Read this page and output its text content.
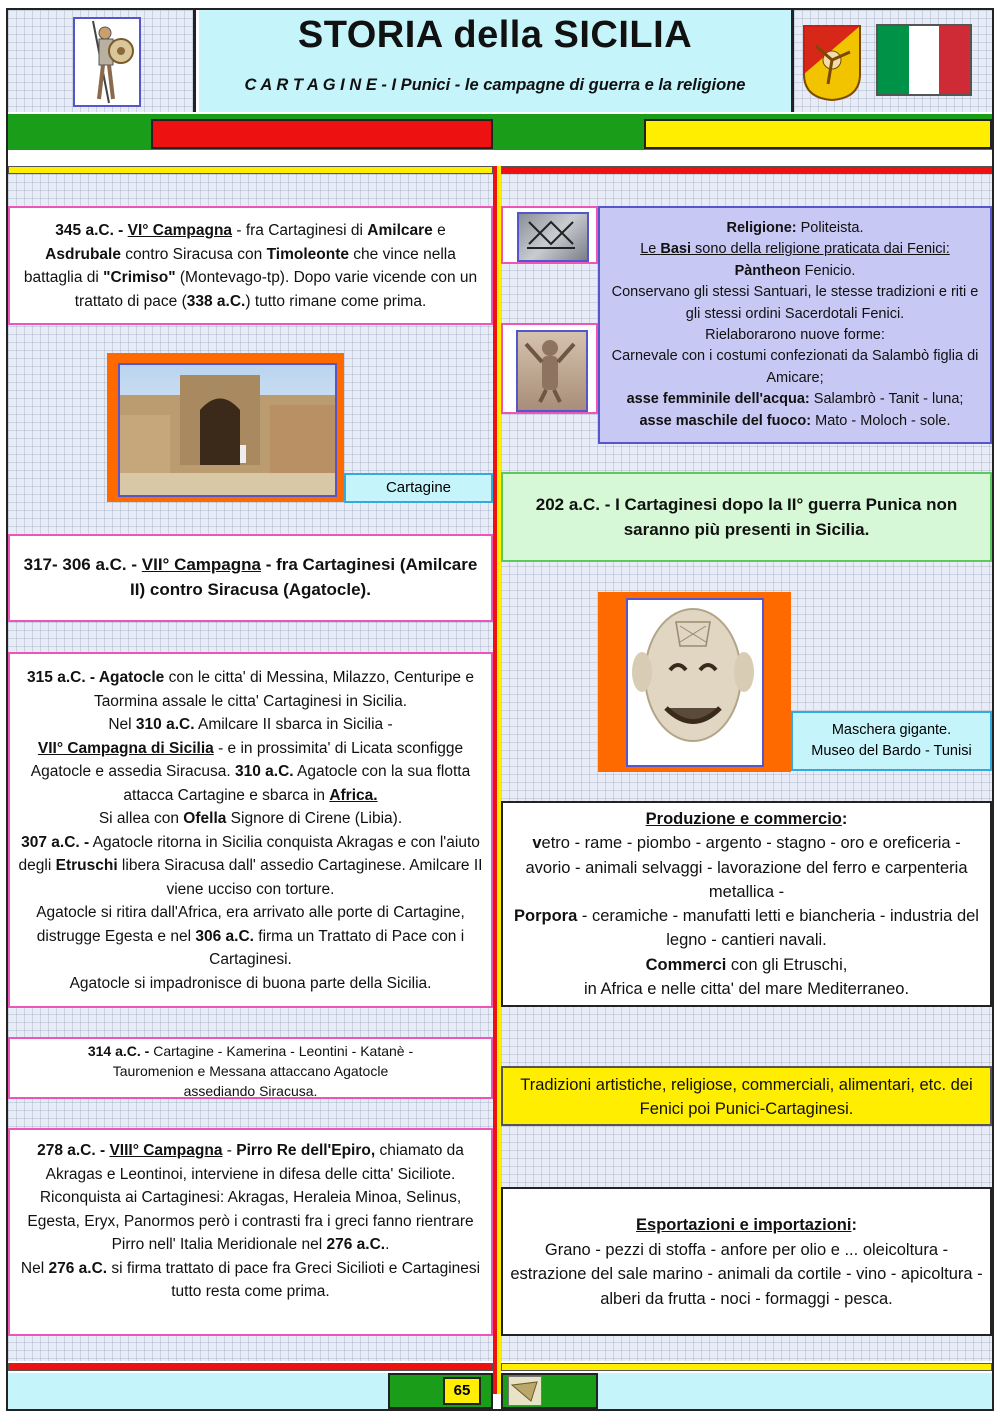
STORIA della SICILIA
C A R T A G I N E - I Punici - le campagne di guerra e la religione
345 a.C. - VI° Campagna - fra Cartaginesi di Amilcare e Asdrubale contro Siracusa con Timoleonte che vince nella battaglia di "Crimiso" (Montevago-tp). Dopo varie vicende con un trattato di pace (338 a.C.) tutto rimane come prima.
Cartagine
317- 306 a.C. - VII° Campagna - fra Cartaginesi (Amilcare II) contro Siracusa (Agatocle).
315 a.C. - Agatocle con le citta' di Messina, Milazzo, Centuripe e Taormina assale le citta' Cartaginesi in Sicilia.
Nel 310 a.C. Amilcare II sbarca in Sicilia -
VII° Campagna di Sicilia - e in prossimita' di Licata sconfigge Agatocle e assedia Siracusa. 310 a.C. Agatocle con la sua flotta attacca Cartagine e sbarca in Africa.
Si allea con Ofella Signore di Cirene (Libia).
307 a.C. - Agatocle ritorna in Sicilia conquista Akragas e con l'aiuto degli Etruschi libera Siracusa dall' assedio Cartaginese. Amilcare II viene ucciso con torture.
Agatocle si ritira dall'Africa, era arrivato alle porte di Cartagine, distrugge Egesta e nel 306 a.C. firma un Trattato di Pace con i Cartaginesi.
Agatocle si impadronisce di buona parte della Sicilia.
314 a.C. - Cartagine - Kamerina - Leontini - Katanè - Tauromenion e Messana attaccano Agatocle assediando Siracusa.
278 a.C. - VIII° Campagna - Pirro Re dell'Epiro, chiamato da Akragas e Leontinoi, interviene in difesa delle citta' Siciliote. Riconquista ai Cartaginesi: Akragas, Heraleia Minoa, Selinus, Egesta, Eryx, Panormos però i contrasti fra i greci fanno rientrare Pirro nell' Italia Meridionale nel 276 a.C..
Nel 276 a.C. si firma trattato di pace fra Greci Sicilioti e Cartaginesi tutto resta come prima.
Religione: Politeista.
Le Basi sono della religione praticata dai Fenici:
Pàntheon Fenicio.
Conservano gli stessi Santuari, le stesse tradizioni e riti e gli stessi ordini Sacerdotali Fenici.
Rielaborarono nuove forme:
Carnevale con i costumi confezionati da Salambò figlia di Amicare;
asse femminile dell'acqua: Salambrò - Tanit - luna;
asse maschile del fuoco: Mato - Moloch - sole.
202 a.C. - I Cartaginesi dopo la II° guerra Punica non saranno più presenti in Sicilia.
Maschera gigante.
Museo del Bardo - Tunisi
Produzione e commercio:
vetro - rame - piombo - argento - stagno - oro e oreficeria - avorio - animali selvaggi - lavorazione del ferro e carpenteria metallica -
Porpora - ceramiche - manufatti letti e biancheria - industria del legno - cantieri navali.
Commerci con gli Etruschi,
in Africa e nelle citta' del mare Mediterraneo.
Tradizioni artistiche, religiose, commerciali, alimentari, etc. dei Fenici poi Punici-Cartaginesi.
Esportazioni e importazioni:
Grano - pezzi di stoffa - anfore per olio e ... oleicoltura - estrazione del sale marino - animali da cortile - vino - apicoltura - alberi da frutta - noci - formaggi - pesca.
65
